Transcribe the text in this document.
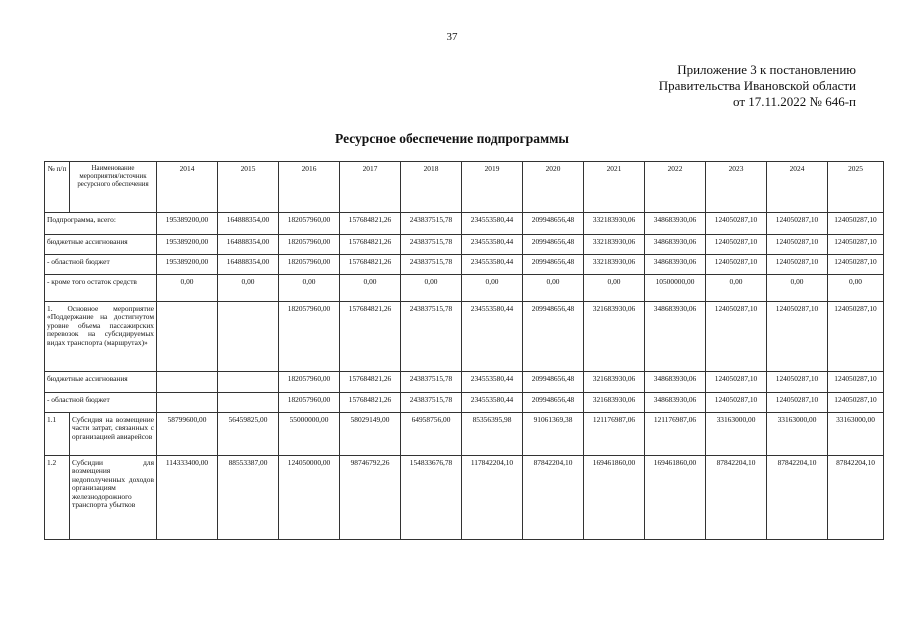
37
Приложение 3 к постановлению
Правительства Ивановской области
от 17.11.2022 № 646-п
Ресурсное обеспечение подпрограммы
№ п/п	Наименование мероприятия/источник ресурсного обеспечения	2014	2015	2016	2017	2018	2019	2020	2021	2022	2023	2024	2025
Подпрограмма, всего:		195389200,00	164888354,00	182057960,00	157684821,26	243837515,78	234553580,44	209948656,48	332183930,06	348683930,06	124050287,10	124050287,10	124050287,10
бюджетные ассигнования		195389200,00	164888354,00	182057960,00	157684821,26	243837515,78	234553580,44	209948656,48	332183930,06	348683930,06	124050287,10	124050287,10	124050287,10
- областной бюджет		195389200,00	164888354,00	182057960,00	157684821,26	243837515,78	234553580,44	209948656,48	332183930,06	348683930,06	124050287,10	124050287,10	124050287,10
- кроме того остаток средств		0,00	0,00	0,00	0,00	0,00	0,00	0,00	0,00	10500000,00	0,00	0,00	0,00
1. Основное мероприятие «Поддержание на достигнутом уровне объема пассажирских перевозок на субсидируемых видах транспорта (маршрутах)»				182057960,00	157684821,26	243837515,78	234553580,44	209948656,48	321683930,06	348683930,06	124050287,10	124050287,10	124050287,10
бюджетные ассигнования				182057960,00	157684821,26	243837515,78	234553580,44	209948656,48	321683930,06	348683930,06	124050287,10	124050287,10	124050287,10
- областной бюджет				182057960,00	157684821,26	243837515,78	234553580,44	209948656,48	321683930,06	348683930,06	124050287,10	124050287,10	124050287,10
1.1	Субсидия на возмещение части затрат, связанных с организацией авиарейсов	58799600,00	56459825,00	55000000,00	58029149,00	64958756,00	85356395,98	91061369,38	121176987,06	121176987,06	33163000,00	33163000,00	33163000,00
1.2	Субсидии для возмещения недополученных доходов организациям железнодорожного транспорта убытков	114333400,00	88553387,00	124050000,00	98746792,26	154833676,78	117842204,10	87842204,10	169461860,00	169461860,00	87842204,10	87842204,10	87842204,10
